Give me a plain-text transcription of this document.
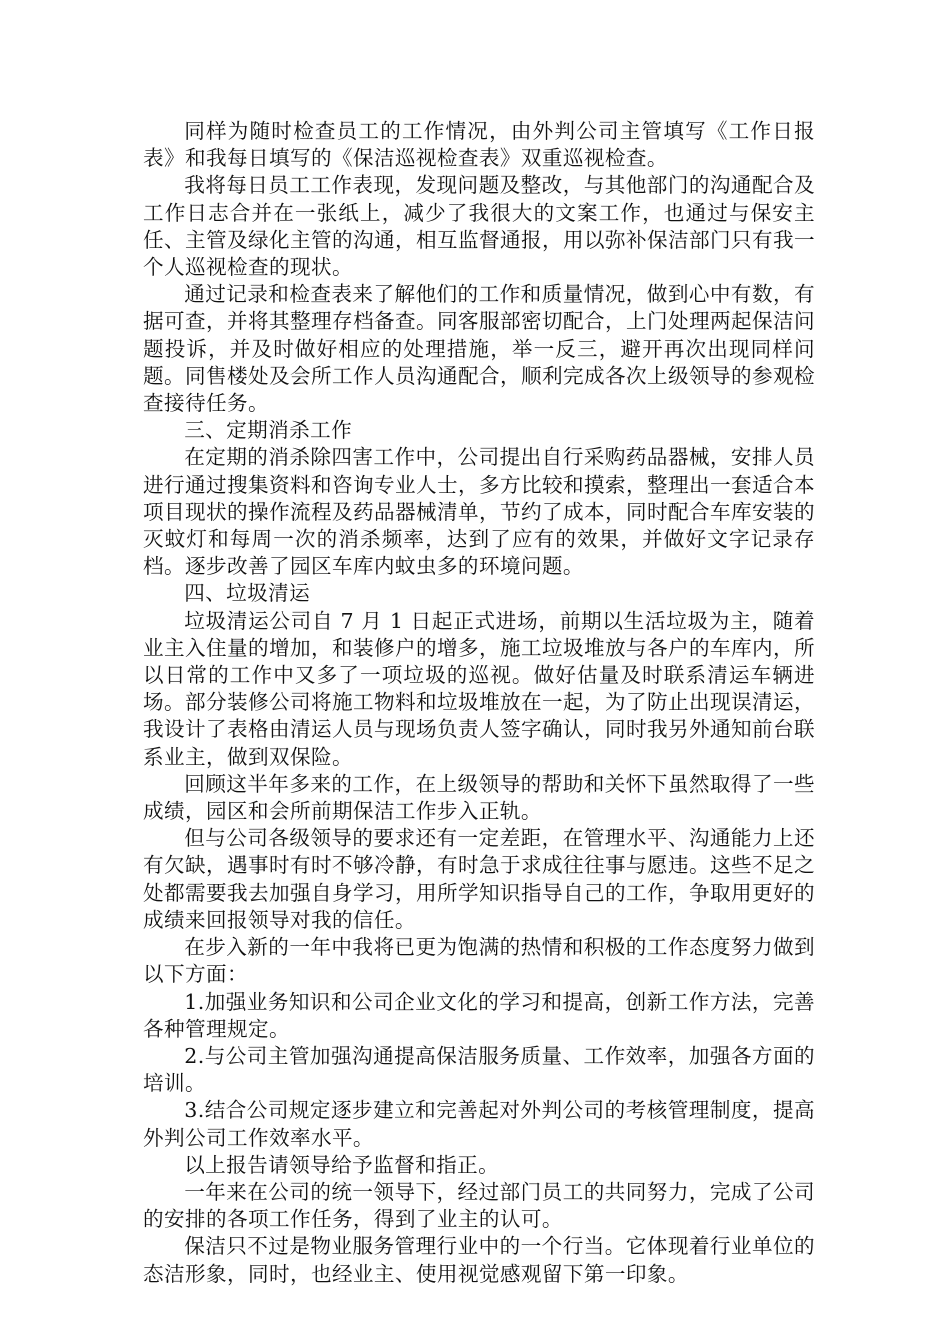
同样为随时检查员工的工作情况，由外判公司主管填写《工作日报表》和我每日填写的《保洁巡视检查表》双重巡视检查。

我将每日员工工作表现，发现问题及整改，与其他部门的沟通配合及工作日志合并在一张纸上，减少了我很大的文案工作，也通过与保安主任、主管及绿化主管的沟通，相互监督通报，用以弥补保洁部门只有我一个人巡视检查的现状。

通过记录和检查表来了解他们的工作和质量情况，做到心中有数，有据可查，并将其整理存档备查。同客服部密切配合，上门处理两起保洁问题投诉，并及时做好相应的处理措施，举一反三，避开再次出现同样问题。同售楼处及会所工作人员沟通配合，顺利完成各次上级领导的参观检查接待任务。

三、定期消杀工作

在定期的消杀除四害工作中，公司提出自行采购药品器械，安排人员进行通过搜集资料和咨询专业人士，多方比较和摸索，整理出一套适合本项目现状的操作流程及药品器械清单，节约了成本，同时配合车库安装的灭蚊灯和每周一次的消杀频率，达到了应有的效果，并做好文字记录存档。逐步改善了园区车库内蚊虫多的环境问题。

四、垃圾清运

垃圾清运公司自 7 月 1 日起正式进场，前期以生活垃圾为主，随着业主入住量的增加，和装修户的增多，施工垃圾堆放与各户的车库内，所以日常的工作中又多了一项垃圾的巡视。做好估量及时联系清运车辆进场。部分装修公司将施工物料和垃圾堆放在一起，为了防止出现误清运，我设计了表格由清运人员与现场负责人签字确认，同时我另外通知前台联系业主，做到双保险。

回顾这半年多来的工作，在上级领导的帮助和关怀下虽然取得了一些成绩，园区和会所前期保洁工作步入正轨。

但与公司各级领导的要求还有一定差距，在管理水平、沟通能力上还有欠缺，遇事时有时不够冷静，有时急于求成往往事与愿违。这些不足之处都需要我去加强自身学习，用所学知识指导自己的工作，争取用更好的成绩来回报领导对我的信任。

在步入新的一年中我将已更为饱满的热情和积极的工作态度努力做到以下方面：

1.加强业务知识和公司企业文化的学习和提高，创新工作方法，完善各种管理规定。

2.与公司主管加强沟通提高保洁服务质量、工作效率，加强各方面的培训。

3.结合公司规定逐步建立和完善起对外判公司的考核管理制度，提高外判公司工作效率水平。

以上报告请领导给予监督和指正。

一年来在公司的统一领导下，经过部门员工的共同努力，完成了公司的安排的各项工作任务，得到了业主的认可。

保洁只不过是物业服务管理行业中的一个行当。它体现着行业单位的态洁形象，同时，也经业主、使用视觉感观留下第一印象。
